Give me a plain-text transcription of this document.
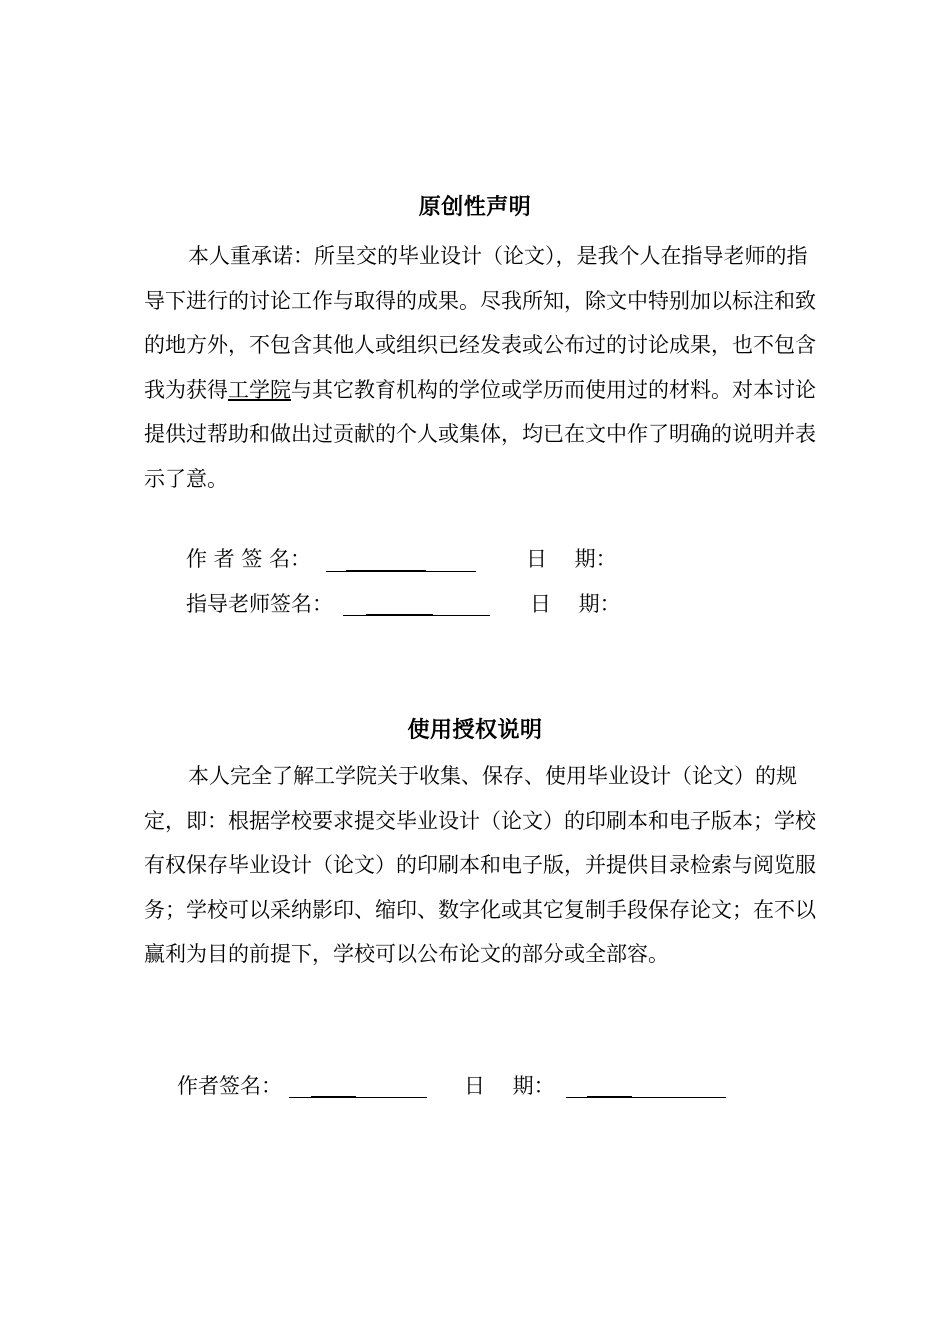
原创性声明
本人重承诺：所呈交的毕业设计（论文），是我个人在指导老师的指导下进行的讨论工作与取得的成果。尽我所知，除文中特别加以标注和致的地方外，不包含其他人或组织已经发表或公布过的讨论成果，也不包含我为获得工学院与其它教育机构的学位或学历而使用过的材料。对本讨论提供过帮助和做出过贡献的个人或集体，均已在文中作了明确的说明并表示了意。
作 者 签 名：	日　 期：
指导老师签名：	日　 期：
使用授权说明
本人完全了解工学院关于收集、保存、使用毕业设计（论文）的规定，即：根据学校要求提交毕业设计（论文）的印刷本和电子版本；学校有权保存毕业设计（论文）的印刷本和电子版，并提供目录检索与阅览服务；学校可以采纳影印、缩印、数字化或其它复制手段保存论文；在不以赢利为目的前提下，学校可以公布论文的部分或全部容。
作者签名：	日　 期：
